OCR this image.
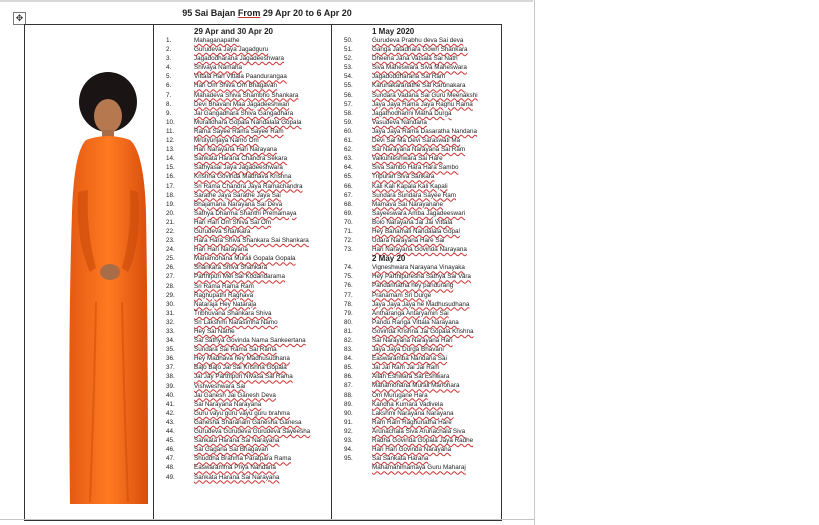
✥	95 Sai Bajan From 29 Apr 20 to 6 Apr 20
29 Apr and 30 Apr 20
1.	Mahaganapathe
2.	Gurudeva Jaya Jagadguru
3.	Jagadodharana Jagadeeshwara
4.	Shivaya Namaha
5.	Vittala Hari Vittala Paandurangaa
6.	Hari Om Shiva Om Bhagavan
7.	Mahadeva Shiva Shambho Shankara
8.	Devi Bhavani Maa Jagadeeshwari
9.	Jai Gangadhara Shiva Gangadhara
10.	Muralidhara Gopala Nandalala Gopala
11.	Rama Sayee Rama Sayee Ram
12.	Mrutyunjaya Namo Om
13.	Hari Narayana Hari Narayana
14.	Sankata Harana Chandra Sekara
15.	Sathyasai Jaya Jagadeeshwara
16.	Krishna Govinda Madhava Krishna
17.	Sri Rama Chandra Jaya Ramachandra
18.	Sarathe Jaya Sarathe Jaya Sai
19.	Bhajamana Narayana Sai Deva
20.	Sathya Dharma Shanthi Premamaya
21.	Hari Hari Om Shiva Sai Om
22.	Gurudeva Shankara
23.	Hara Hara Shiva Shankara Sai Shankara
24.	Hari Hari Narayana
25.	Manamohana Murali Gopala Gopala
26.	Shankara Shiva Shankara
27.	Parthipuri Mei Sai Kodandarama
28.	Sri Rama Rama Ram
29.	Raghupathi Raghava
30.	Nataraja Hey Nataraja
31.	Tribhuvana Shankara Shiva
32.	Sri Lakshmi Narasimha Namo
33.	Hey Sai Nathe
34.	Sai Sathya Govinda Nama Sankeertana
35.	Sundara Sai Rama Sai Rama
36.	Hey Madhava hey Madhusudhana
37.	Bajo Bajo Jai Sai Krishna Gopala
38.	Jai Jay Parthipuri Nivasa Sai Rama
39.	Vishweshwara Sai
40.	Jai Ganesh Jai Ganesh Deva
41.	Sai Narayana Narayana
42.	Guru vayu guru vayu guru brahma
43.	Ganesha Sharanam Ganesha Ganesa
44.	Gurudeva Gurudeva Gurudeva Sayeesha
45.	Sankata Harana Sai Narayana
46.	Sai Gagana Sai Bhagavan
47.	Shuddha Brahma Paratpara Rama
48.	Easwaramma Priya Nandana
49.	Sankata Harana Sai Narayana
1 May 2020
50.	Gurudeva Prabhu deva Sai deva
51.	Ganga Jatadhara Gowri Shankara
52.	Dheena Jana Vatsala Sai Nath
53.	Siva Maheswara Siva Maheswara
54.	Jagadoddharana Sai Ram
55.	Karunakaranathe Sai Karunakara
56.	Sundara Vadana Sai Guru Meenakshi
57.	Jaya Jaya Rama Jaya Raghu Rama
58.	Jagathodharini Matha Durga
59.	Vasudeva Nandana
60.	Jaya Jaya Rama Dasaratha Nandana
61.	Devi Sai Ma Devi Saraswati Ma
62.	Sai Narayana Narayana Sai Ram
63.	Vaikunteshwara Sai Hare
64.	Siva Sambo Hara Hara Sambo
65.	Tripurari Siva Sankara
66.	Kali Kali Kapala Kali Kapali
67.	Sundara Sundara Sayee Ram
68.	Mamava Sai Narayanane
69.	Sayeeswara Amba Jagadeeswari
70.	Bolo Narayana Jai Jai Vittala
71.	Hey Banamali Nandalala Gopal
72.	Udara Narayana Hare Sai
73.	Hari Narayana Govinda Narayana
2 May 20
74.	Vigneshwara Narayana Vinayaka
75.	Hey Parthipuresha Sathya Sai Vara
76.	Pandarinatha hey pandurang
77.	Pranamam Sri Durge
78.	Jaya Jaya Jaya he Madhusudhana
79.	Antharanga Antaryamin Sai
80.	Pandu Ranga Vittala Narayana
81.	Govinda Krishna Jai Gopala Krishna
82.	Sai Narayana Narayana Hari
83.	Jaya Jaya Durga Bhavani
84.	Easwaramba Nandana Sai
85.	Jai Jai Ram Jai Jai Ram
86.	Allah Eshwara Sai Eshwara
87.	Manamohana Murali Manohara
88.	Om Murugane Hara
89.	Kandha Kumara Vadivela
90.	Lakshmi Narayana Narayana
91.	Ram Ram Raghunatha Hare
92.	Arunachala Siva Arunachala Siva
93.	Radha Govinda Gopala Jaya Radhe
94.	Hari Hari Govinda Narayana
95.	Sai Sankata Harana
Mahamahimamaya Guru Maharaj
